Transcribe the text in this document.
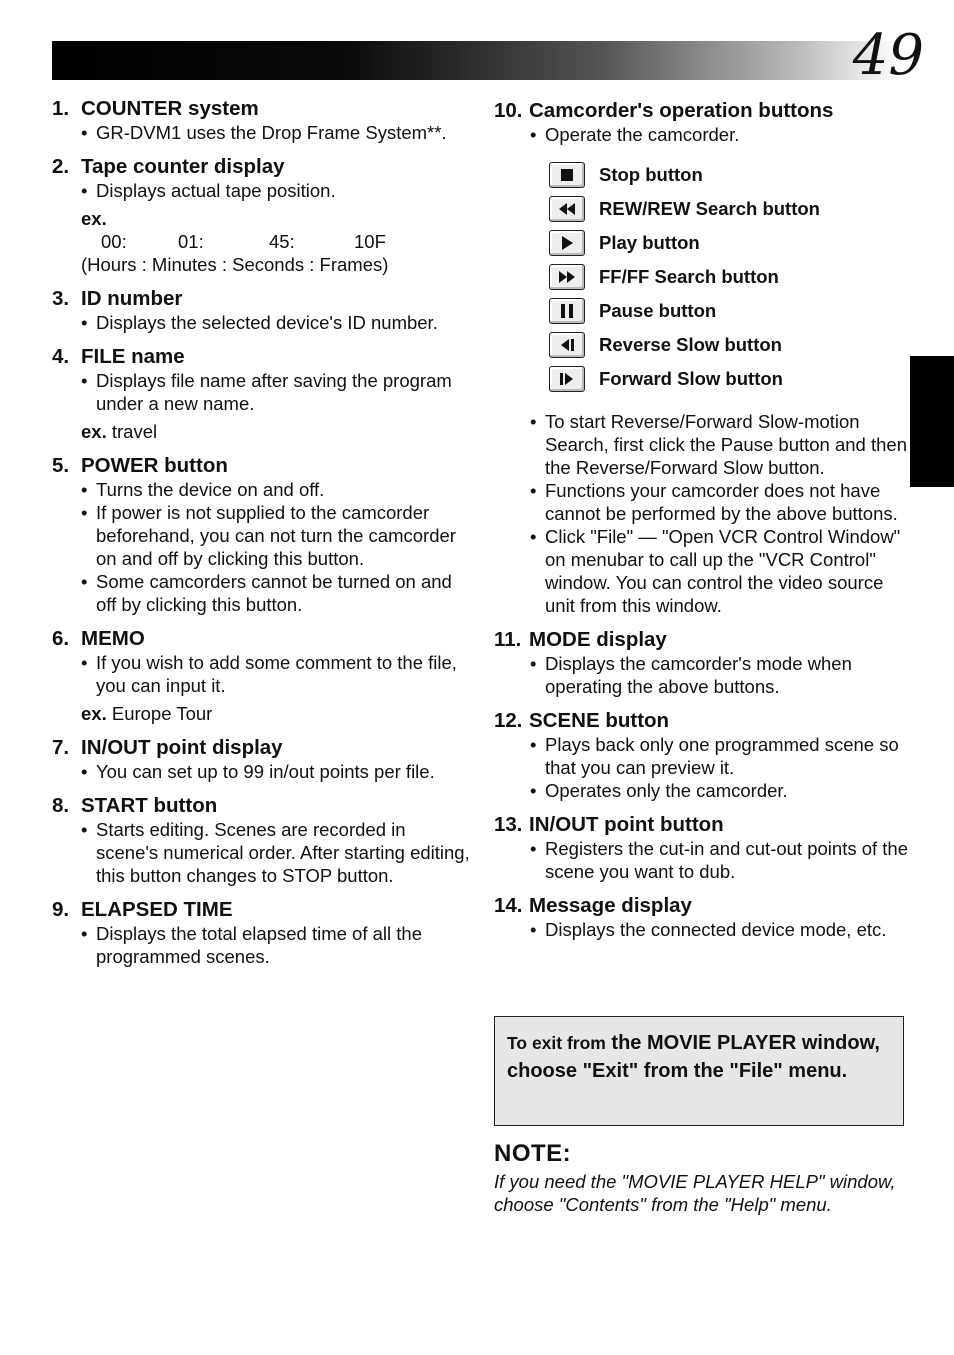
49
1. COUNTER system
• GR-DVM1 uses the Drop Frame System**.
2. Tape counter display
• Displays actual tape position.
ex.
00:	01:	45:	10F
(Hours : Minutes : Seconds : Frames)
3. ID number
• Displays the selected device's ID number.
4. FILE name
• Displays file name after saving the program under a new name.
ex. travel
5. POWER button
• Turns the device on and off.
• If power is not supplied to the camcorder beforehand, you can not turn the camcorder on and off by clicking this button.
• Some camcorders cannot be turned on and off by clicking this button.
6. MEMO
• If you wish to add some comment to the file, you can input it.
ex. Europe Tour
7. IN/OUT point display
• You can set up to 99 in/out points per file.
8. START button
• Starts editing. Scenes are recorded in scene's numerical order. After starting editing, this button changes to STOP button.
9. ELAPSED TIME
• Displays the total elapsed time of all the programmed scenes.
10. Camcorder's operation buttons
• Operate the camcorder.
Stop button
REW/REW Search button
Play button
FF/FF Search button
Pause button
Reverse Slow button
Forward Slow button
• To start Reverse/Forward Slow-motion Search, first click the Pause button and then the Reverse/Forward Slow button.
• Functions your camcorder does not have cannot be performed by the above buttons.
• Click "File" — "Open VCR Control Window" on menubar to call up the "VCR Control" window. You can control the video source unit from this window.
11. MODE display
• Displays the camcorder's mode when operating the above buttons.
12. SCENE button
• Plays back only one programmed scene so that you can preview it.
• Operates only the camcorder.
13. IN/OUT point button
• Registers the cut-in and cut-out points of the scene you want to dub.
14. Message display
• Displays the connected device mode, etc.
To exit from the MOVIE PLAYER window, choose "Exit" from the "File" menu.
NOTE:
If you need the "MOVIE PLAYER HELP" window, choose "Contents" from the "Help" menu.
